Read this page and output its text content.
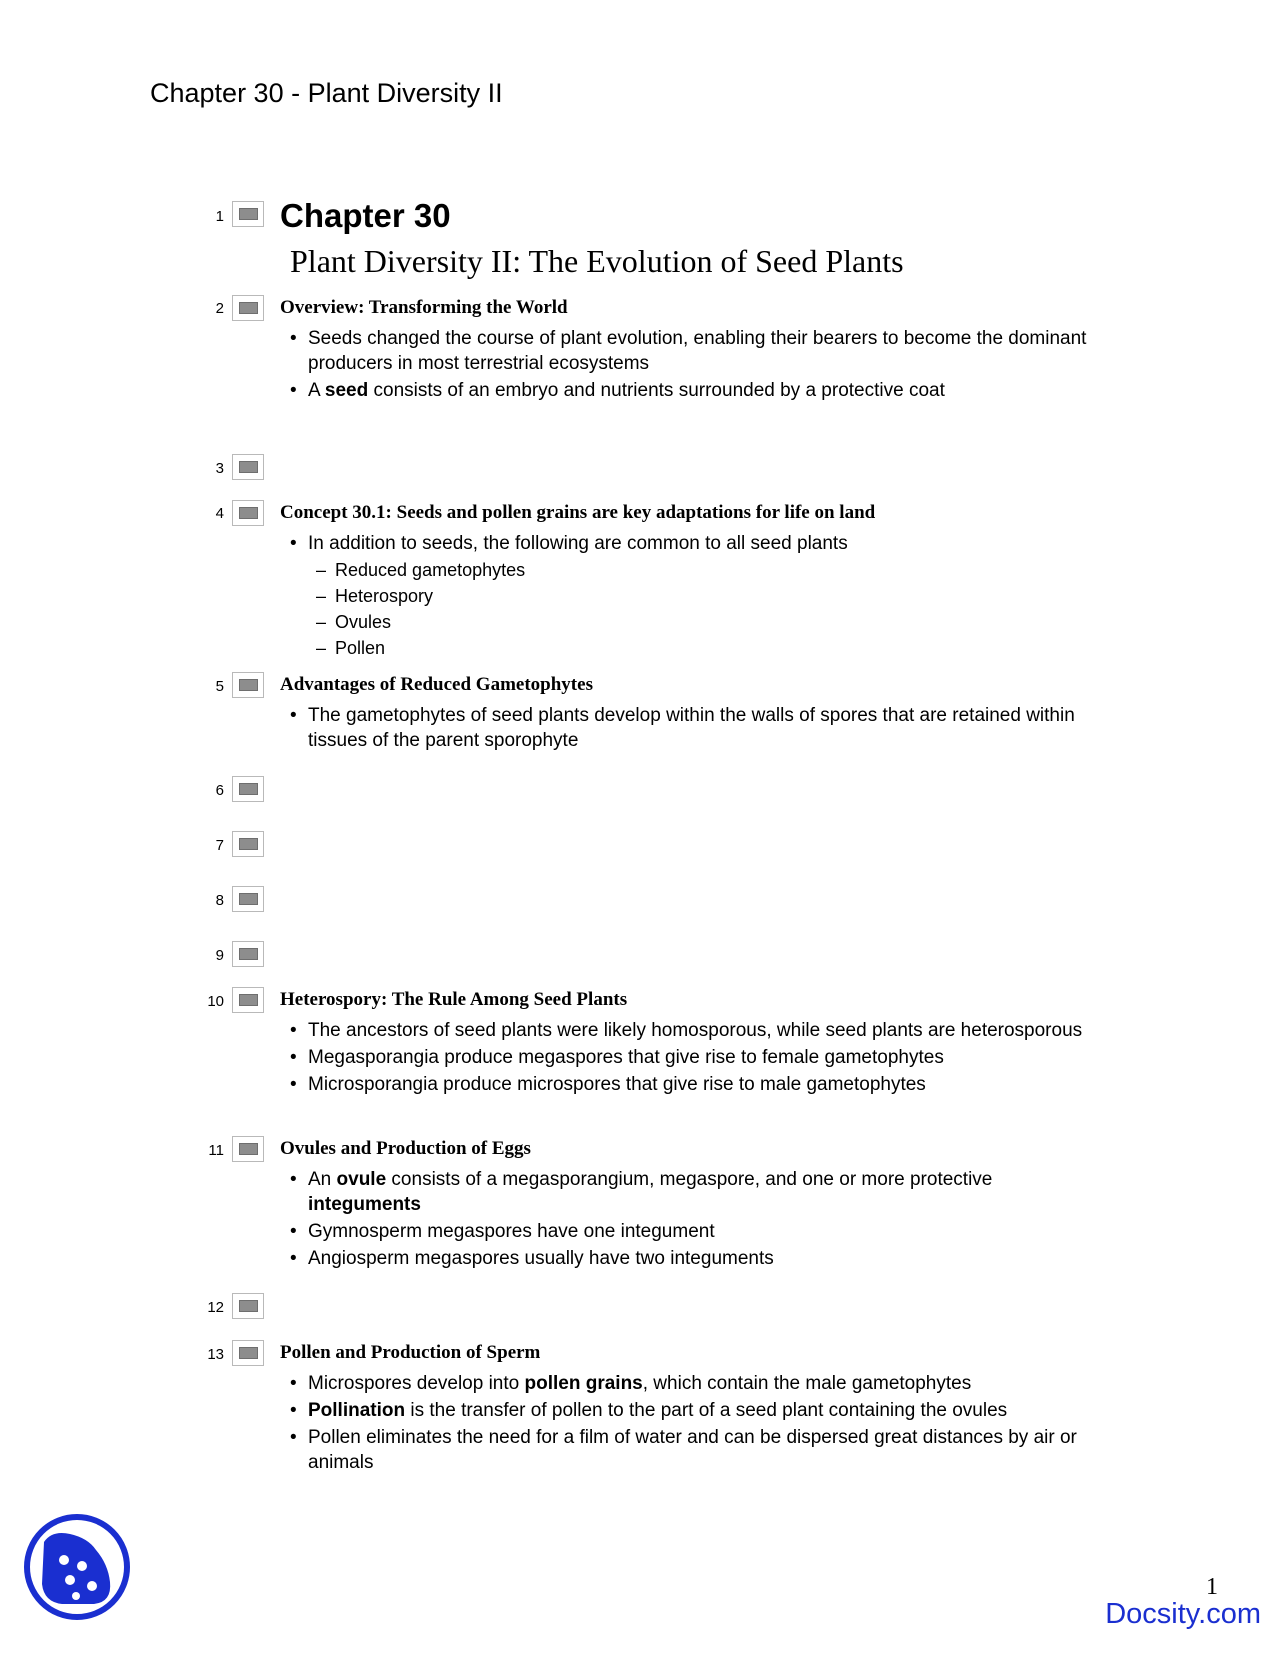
Chapter 30 - Plant Diversity II
1 Chapter 30
Plant Diversity II: The Evolution of Seed Plants
2	Overview: Transforming the World
• Seeds changed the course of plant evolution, enabling their bearers to become the dominant producers in most terrestrial ecosystems
• A seed consists of an embryo and nutrients surrounded by a protective coat
3
4	Concept 30.1: Seeds and pollen grains are key adaptations for life on land
• In addition to seeds, the following are common to all seed plants
– Reduced gametophytes
– Heterospory
– Ovules
– Pollen
5	Advantages of Reduced Gametophytes
• The gametophytes of seed plants develop within the walls of spores that are retained within tissues of the parent sporophyte
6
7
8
9
10	Heterospory: The Rule Among Seed Plants
• The ancestors of seed plants were likely homosporous, while seed plants are heterosporous
• Megasporangia produce megaspores that give rise to female gametophytes
• Microsporangia produce microspores that give rise to male gametophytes
11	Ovules and Production of Eggs
• An ovule consists of a megasporangium, megaspore, and one or more protective integuments
• Gymnosperm megaspores have one integument
• Angiosperm megaspores usually have two integuments
12
13	Pollen and Production of Sperm
• Microspores develop into pollen grains, which contain the male gametophytes
• Pollination is the transfer of pollen to the part of a seed plant containing the ovules
• Pollen eliminates the need for a film of water and can be dispersed great distances by air or animals
1
Docsity.com
